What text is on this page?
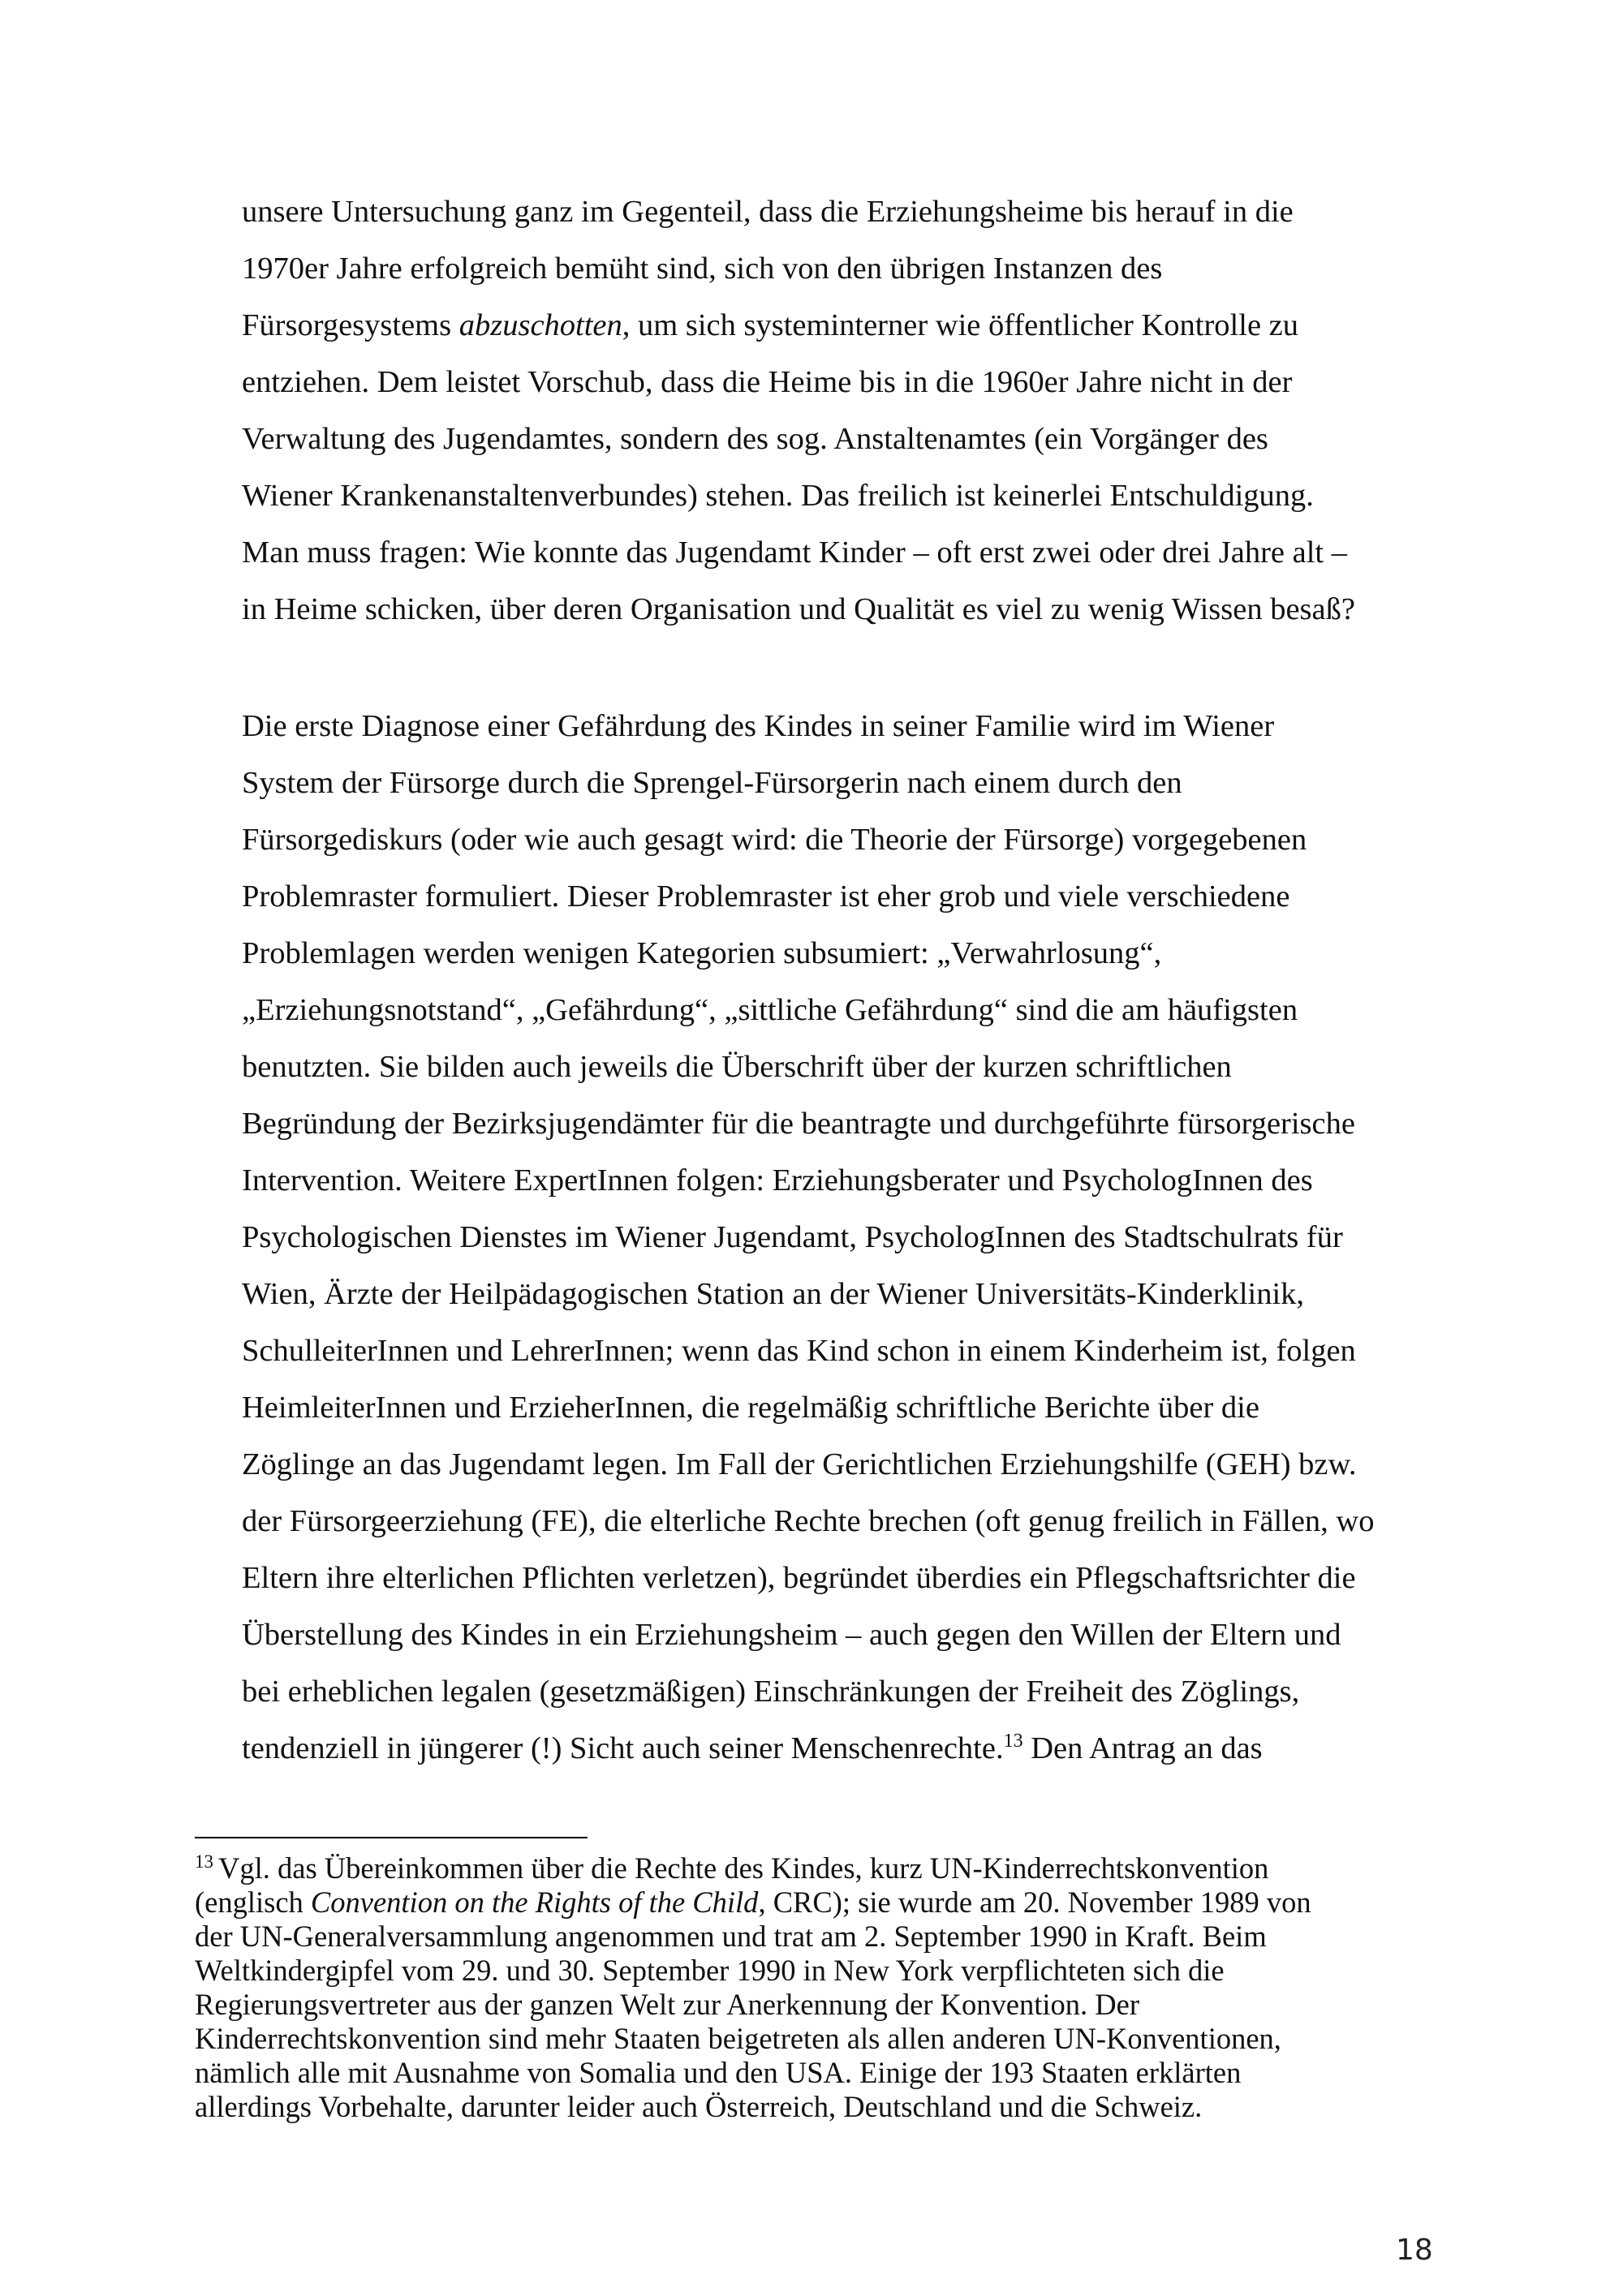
unsere Untersuchung ganz im Gegenteil, dass die Erziehungsheime bis herauf in die

1970er Jahre erfolgreich bemüht sind, sich von den übrigen Instanzen des

Fürsorgesystems abzuschotten, um sich systeminterner wie öffentlicher Kontrolle zu

entziehen. Dem leistet Vorschub, dass die Heime bis in die 1960er Jahre nicht in der

Verwaltung des Jugendamtes, sondern des sog. Anstaltenamtes (ein Vorgänger des

Wiener Krankenanstaltenverbundes) stehen. Das freilich ist keinerlei Entschuldigung.

Man muss fragen: Wie konnte das Jugendamt Kinder – oft erst zwei oder drei Jahre alt –

in Heime schicken, über deren Organisation und Qualität es viel zu wenig Wissen besaß?

Die erste Diagnose einer Gefährdung des Kindes in seiner Familie wird im Wiener

System der Fürsorge durch die Sprengel-Fürsorgerin nach einem durch den

Fürsorgediskurs (oder wie auch gesagt wird: die Theorie der Fürsorge) vorgegebenen

Problemraster formuliert. Dieser Problemraster ist eher grob und viele verschiedene

Problemlagen werden wenigen Kategorien subsumiert: „Verwahrlosung“,

„Erziehungsnotstand“, „Gefährdung“, „sittliche Gefährdung“ sind die am häufigsten

benutzten. Sie bilden auch jeweils die Überschrift über der kurzen schriftlichen

Begründung der Bezirksjugendämter für die beantragte und durchgeführte fürsorgerische

Intervention. Weitere ExpertInnen folgen: Erziehungsberater und PsychologInnen des

Psychologischen Dienstes im Wiener Jugendamt, PsychologInnen des Stadtschulrats für

Wien, Ärzte der Heilpädagogischen Station an der Wiener Universitäts-Kinderklinik,

SchulleiterInnen und LehrerInnen; wenn das Kind schon in einem Kinderheim ist, folgen

HeimleiterInnen und ErzieherInnen, die regelmäßig schriftliche Berichte über die

Zöglinge an das Jugendamt legen. Im Fall der Gerichtlichen Erziehungshilfe (GEH) bzw.

der Fürsorgeerziehung (FE), die elterliche Rechte brechen (oft genug freilich in Fällen, wo

Eltern ihre elterlichen Pflichten verletzen), begründet überdies ein Pflegschaftsrichter die

Überstellung des Kindes in ein Erziehungsheim – auch gegen den Willen der Eltern und

bei erheblichen legalen (gesetzmäßigen) Einschränkungen der Freiheit des Zöglings,

tendenziell in jüngerer (!) Sicht auch seiner Menschenrechte.$^{13}$ Den Antrag an das

$^{13}$ Vgl. das Übereinkommen über die Rechte des Kindes, kurz UN-Kinderrechtskonvention

(englisch Convention on the Rights of the Child, CRC); sie wurde am 20. November 1989 von

der UN-Generalversammlung angenommen und trat am 2. September 1990 in Kraft. Beim

Weltkindergipfel vom 29. und 30. September 1990 in New York verpflichteten sich die

Regierungsvertreter aus der ganzen Welt zur Anerkennung der Konvention. Der

Kinderrechtskonvention sind mehr Staaten beigetreten als allen anderen UN-Konventionen,

nämlich alle mit Ausnahme von Somalia und den USA. Einige der 193 Staaten erklärten

allerdings Vorbehalte, darunter leider auch Österreich, Deutschland und die Schweiz.

18
